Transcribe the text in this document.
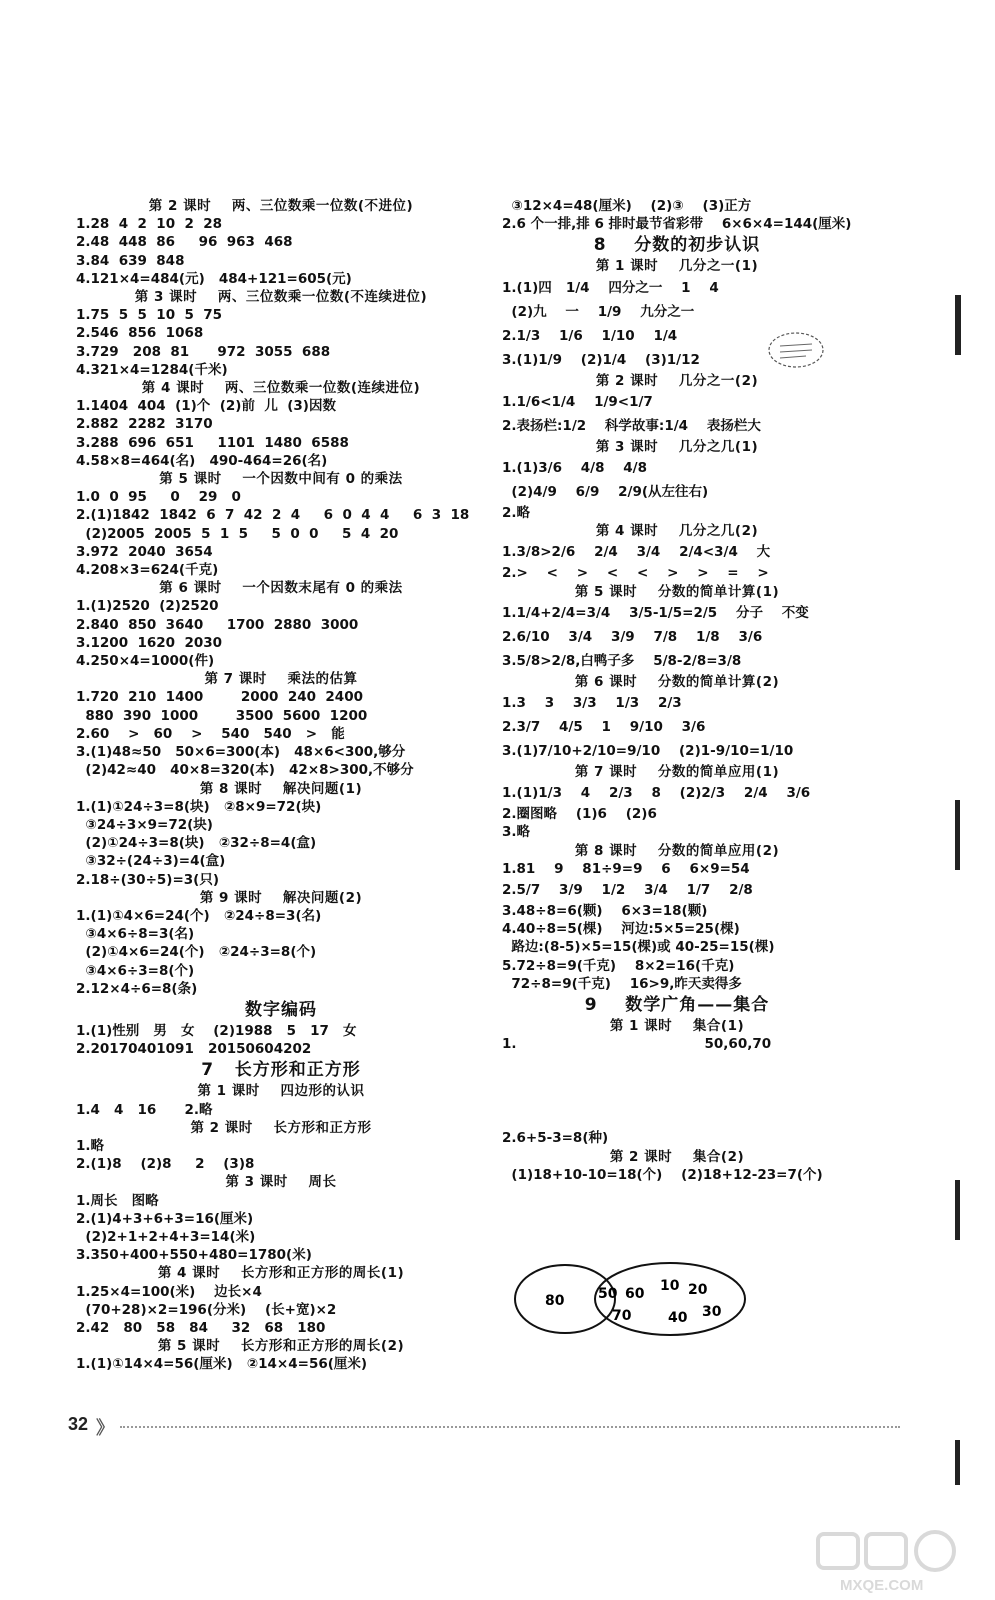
第 2 课时    两、三位数乘一位数(不进位)
1.28  4  2  10  2  28
2.48  448  86     96  963  468
3.84  639  848
4.121×4=484(元)   484+121=605(元)
第 3 课时    两、三位数乘一位数(不连续进位)
1.75  5  5  10  5  75
2.546  856  1068
3.729   208  81      972  3055  688
4.321×4=1284(千米)
第 4 课时    两、三位数乘一位数(连续进位)
1.1404  404  (1)个  (2)前  儿  (3)因数
2.882  2282  3170
3.288  696  651     1101  1480  6588
4.58×8=464(名)   490-464=26(名)
第 5 课时    一个因数中间有 0 的乘法
1.0  0  95     0    29   0
2.(1)1842  1842  6  7  42  2  4     6  0  4  4     6  3  18
(2)2005  2005  5  1  5     5  0  0     5  4  20
3.972  2040  3654
4.208×3=624(千克)
第 6 课时    一个因数末尾有 0 的乘法
1.(1)2520  (2)2520
2.840  850  3640     1700  2880  3000
3.1200  1620  2030
4.250×4=1000(件)
第 7 课时    乘法的估算
1.720  210  1400        2000  240  2400
880  390  1000        3500  5600  1200
2.60    >   60    >    540   540   >   能
3.(1)48≈50   50×6=300(本)   48×6<300,够分
(2)42≈40   40×8=320(本)   42×8>300,不够分
第 8 课时    解决问题(1)
1.(1)①24÷3=8(块)   ②8×9=72(块)
③24÷3×9=72(块)
(2)①24÷3=8(块)   ②32÷8=4(盒)
③32÷(24÷3)=4(盒)
2.18÷(30÷5)=3(只)
第 9 课时    解决问题(2)
1.(1)①4×6=24(个)   ②24÷8=3(名)
③4×6÷8=3(名)
(2)①4×6=24(个)   ②24÷3=8(个)
③4×6÷3=8(个)
2.12×4÷6=8(条)
数字编码
1.(1)性别   男   女    (2)1988   5   17   女
2.20170401091   20150604202
7   长方形和正方形
第 1 课时    四边形的认识
1.4   4   16      2.略
第 2 课时    长方形和正方形
1.略
2.(1)8    (2)8     2    (3)8
第 3 课时    周长
1.周长   图略
2.(1)4+3+6+3=16(厘米)
(2)2+1+2+4+3=14(米)
3.350+400+550+480=1780(米)
第 4 课时    长方形和正方形的周长(1)
1.25×4=100(米)    边长×4
(70+28)×2=196(分米)    (长+宽)×2
2.42   80   58   84     32   68   180
第 5 课时    长方形和正方形的周长(2)
1.(1)①14×4=56(厘米)   ②14×4=56(厘米)
③12×4=48(厘米)    (2)③    (3)正方
2.6 个一排,排 6 排时最节省彩带    6×6×4=144(厘米)
8    分数的初步认识
第 1 课时    几分之一(1)
1.(1)四   1/4    四分之一    1    4
(2)九    一    1/9    九分之一
2.1/3    1/6    1/10    1/4
3.(1)1/9    (2)1/4    (3)1/12
第 2 课时    几分之一(2)
1.1/6<1/4    1/9<1/7
2.表扬栏:1/2    科学故事:1/4    表扬栏大
第 3 课时    几分之几(1)
1.(1)3/6    4/8    4/8
(2)4/9    6/9    2/9(从左往右)
2.略
第 4 课时    几分之几(2)
1.3/8>2/6    2/4    3/4    2/4<3/4    大
2.>    <    >    <    <    >    >    =    >
第 5 课时    分数的简单计算(1)
1.1/4+2/4=3/4    3/5-1/5=2/5    分子    不变
2.6/10    3/4    3/9    7/8    1/8    3/6
3.5/8>2/8,白鸭子多    5/8-2/8=3/8
第 6 课时    分数的简单计算(2)
1.3    3    3/3    1/3    2/3
2.3/7    4/5    1    9/10    3/6
3.(1)7/10+2/10=9/10    (2)1-9/10=1/10
第 7 课时    分数的简单应用(1)
1.(1)1/3    4    2/3    8    (2)2/3    2/4    3/6
2.圈图略    (1)6    (2)6
3.略
第 8 课时    分数的简单应用(2)
1.81    9    81÷9=9    6    6×9=54
2.5/7    3/9    1/2    3/4    1/7    2/8
3.48÷8=6(颗)    6×3=18(颗)
4.40÷8=5(棵)    河边:5×5=25(棵)
路边:(8-5)×5=15(棵)或 40-25=15(棵)
5.72÷8=9(千克)    8×2=16(千克)
72÷8=9(千克)    16>9,昨天卖得多
9    数学广角——集合
第 1 课时    集合(1)
1.                                        50,60,70
2.6+5-3=8(种)
第 2 课时    集合(2)
(1)18+10-10=18(个)    (2)18+12-23=7(个)
80 50 60
70
10 20
40 30
32 》
MXQE.COM
